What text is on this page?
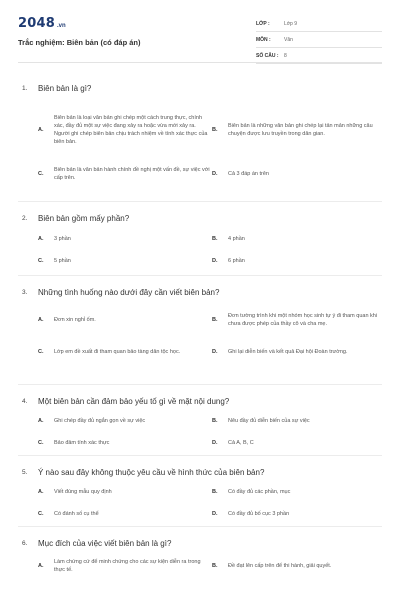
2048 .vn
Trắc nghiệm: Biên bản (có đáp án)
LỚP :	Lớp 9
MÔN :	Văn
SỐ CÂU :	8
1.	Biên bản là gì?
A.
Biên bản là loại văn bản ghi chép một cách trung thực, chính xác, đầy đủ một sự việc đang xảy ra hoặc vừa mới xảy ra. Người ghi chép biên bản chịu trách nhiệm về tính xác thực của biên bản.
B.
Biên bản là những văn bản ghi chép lại tản mản những câu chuyện được lưu truyền trong dân gian.
C.
Biên bản là văn bản hành chính đề nghị một vấn đề, sự việc với cấp trên.
D.	Cả 3 đáp án trên
2.	Biên bản gồm mấy phần?
A.	3 phần	B.	4 phần
C.	5 phần	D.	6 phần
3.	Những tình huống nào dưới đây cần viết biên bản?
A.	Đơn xin nghỉ ốm.	B.
Đơn tường trình khi một nhóm học sinh tự ý đi tham quan khi chưa được phép của thầy cô và cha mẹ.
C.	Lớp em đề xuất đi tham quan bảo tàng dân tộc học.	D.	Ghi lại diễn biến và kết quả Đại hội Đoàn trường.
4.	Một biên bản cần đảm bảo yếu tố gì về mặt nội dung?
A.	Ghi chép đầy đủ ngắn gọn về sự việc	B.	Nêu đầy đủ diễn biến của sự việc
C.	Bảo đảm tính xác thực	D.	Cả A, B, C
5.	Ý nào sau đây không thuộc yêu cầu về hình thức của biên bản?
A.	Viết đúng mẫu quy định	B.	Có đầy đủ các phần, mục
C.	Có đánh số cụ thể	D.	Có đầy đủ bố cục 3 phần
6.	Mục đích của việc viết biên bản là gì?
A.
Làm chứng cứ để minh chứng cho các sự kiện diễn ra trong thực tế.
B.	Đề đạt lên cấp trên để thi hành, giải quyết.
